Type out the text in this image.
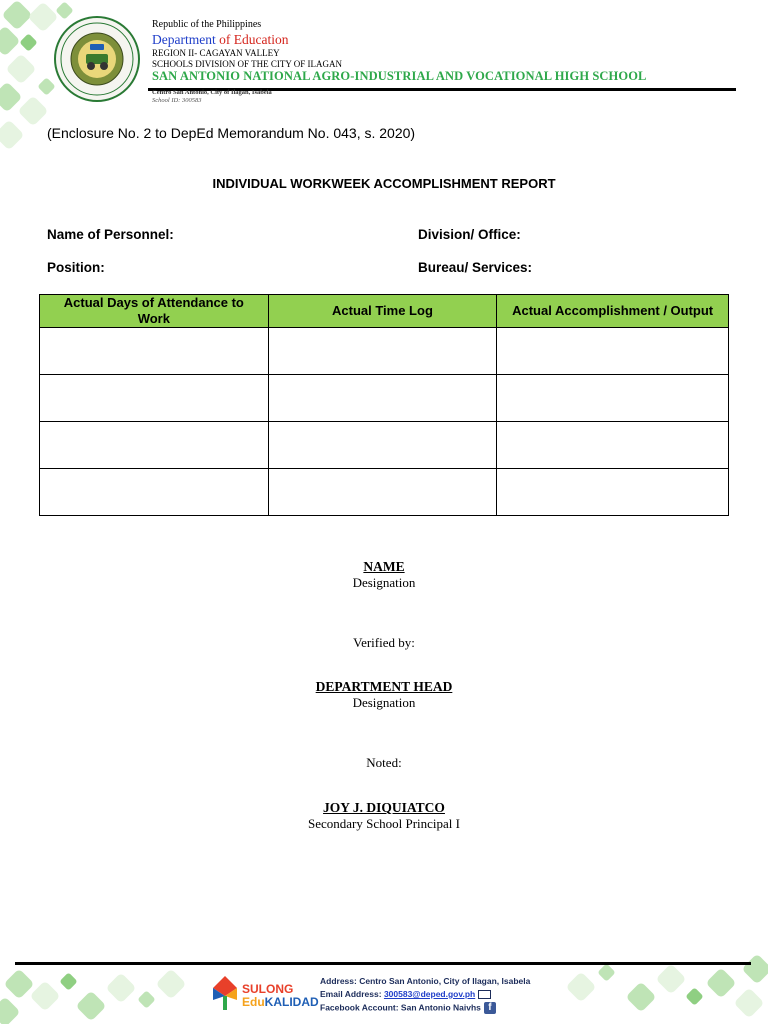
Republic of the Philippines
Department of Education
REGION II- CAGAYAN VALLEY
SCHOOLS DIVISION OF THE CITY OF ILAGAN
SAN ANTONIO NATIONAL AGRO-INDUSTRIAL AND VOCATIONAL HIGH SCHOOL
Centro San Antonio, City of Ilagan, Isabela
School ID: 300583
(Enclosure No. 2 to DepEd Memorandum No. 043, s. 2020)
INDIVIDUAL WORKWEEK ACCOMPLISHMENT REPORT
Name of Personnel:	Division/ Office:
Position:	Bureau/ Services:
Actual Days of Attendance to Work	Actual Time Log	Actual Accomplishment / Output

NAME
Designation
Verified by:
DEPARTMENT HEAD
Designation
Noted:
JOY J. DIQUIATCO
Secondary School Principal I
SULONG
EduKALIDAD
Address: Centro San Antonio, City of Ilagan, Isabela
Email Address: 300583@deped.gov.ph
Facebook Account: San Antonio Naivhs f
